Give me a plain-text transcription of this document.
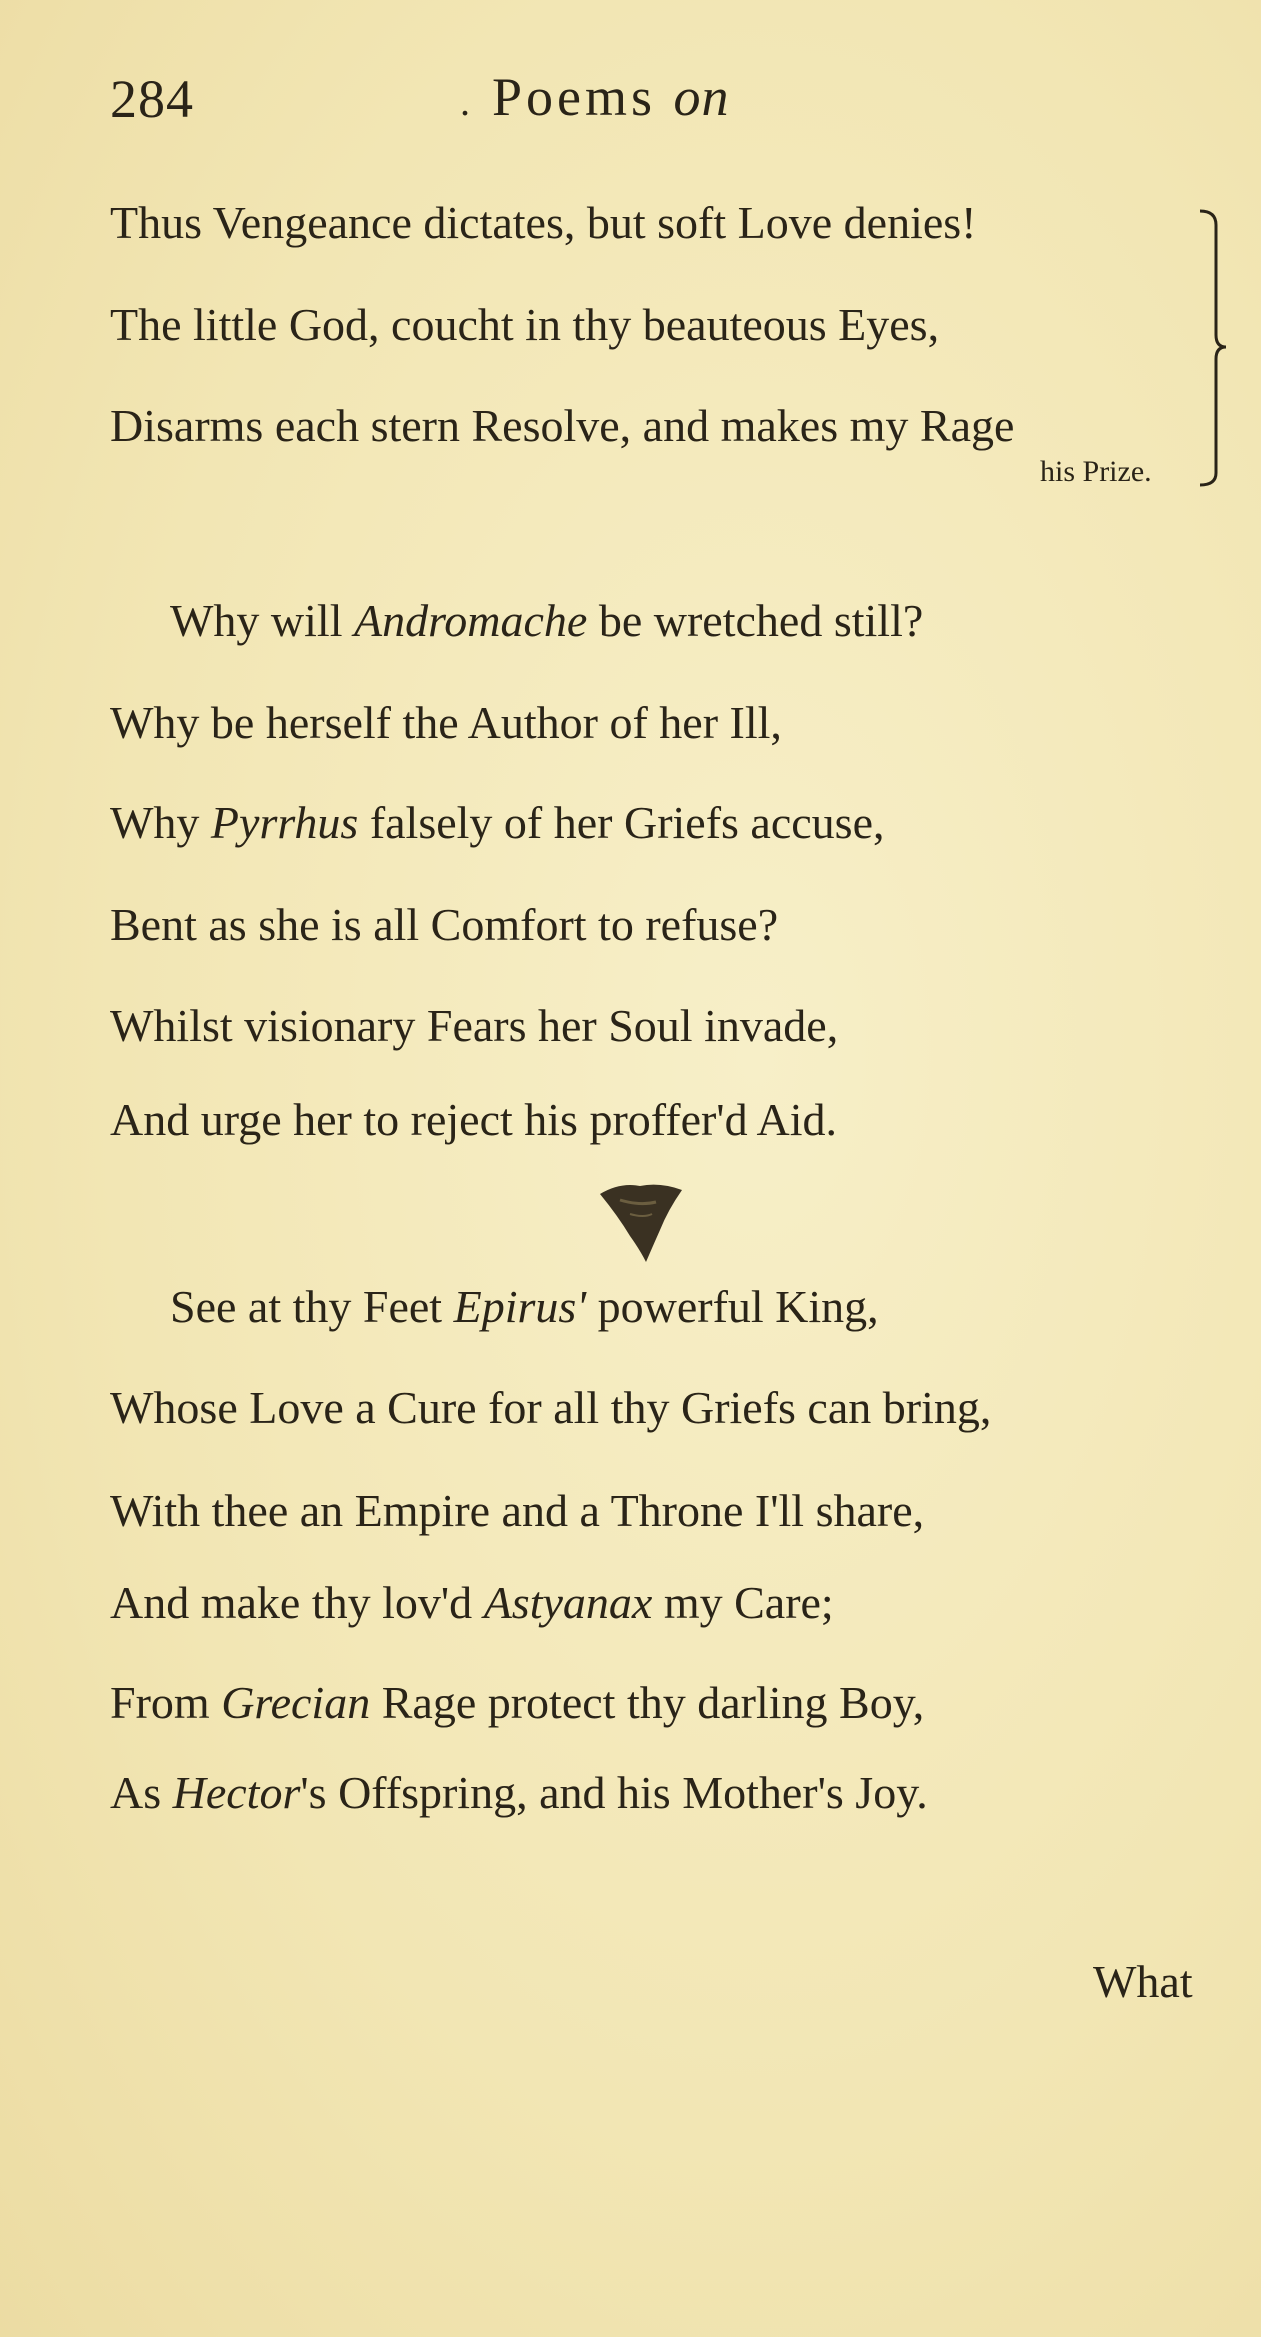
284	. Poems on
Thus Vengeance dictates, but soft Love denies!
The little God, coucht in thy beauteous Eyes,
Disarms each stern Resolve, and makes my Rage
his Prize.
Why will Andromache be wretched still?
Why be herself the Author of her Ill,
Why Pyrrhus falsely of her Griefs accuse,
Bent as she is all Comfort to refuse?
Whilst visionary Fears her Soul invade,
And urge her to reject his proffer'd Aid.
See at thy Feet Epirus' powerful King,
Whose Love a Cure for all thy Griefs can bring,
With thee an Empire and a Throne I'll share,
And make thy lov'd Astyanax my Care;
From Grecian Rage protect thy darling Boy,
As Hector's Offspring, and his Mother's Joy.
What
